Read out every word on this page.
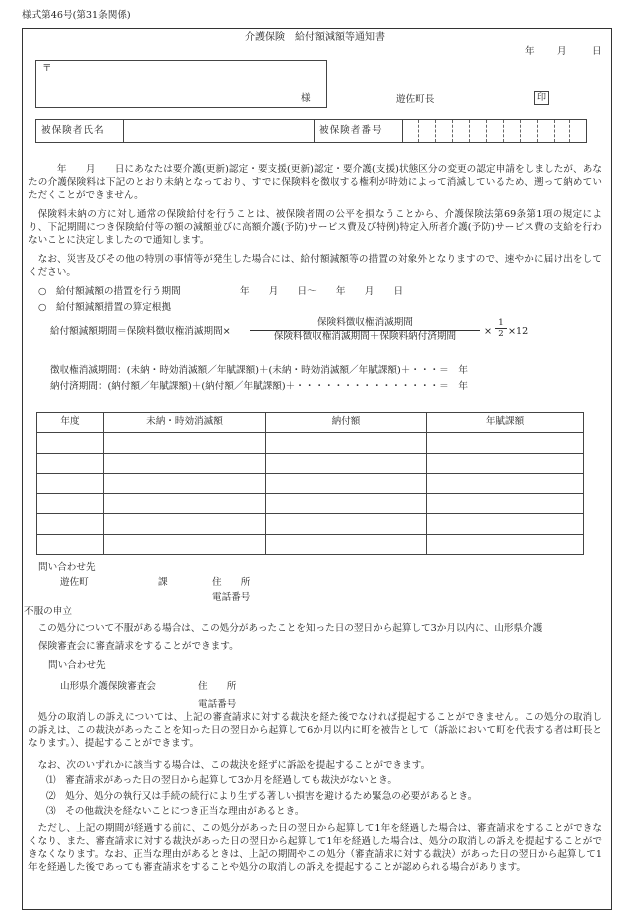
様式第46号(第31条関係)
介護保険　給付額減額等通知書
年 月	日
〒
様	遊佐町長	印
被保険者氏名	被保険者番号
　年　　月　　日にあなたは要介護(更新)認定・要支援(更新)認定・要介護(支援)状態区分の変更の認定申請をしましたが、あなたの介護保険料は下記のとおり未納となっており、すでに保険料を徴収する権利が時効によって消滅しているため、遡って納めていただくことができません。
保険料未納の方に対し通常の保険給付を行うことは、被保険者間の公平を損なうことから、介護保険法第69条第1項の規定により、下記期間につき保険給付等の額の減額並びに高額介護(予防)サービス費及び特例)特定入所者介護(予防)サービス費の支給を行わないことに決定しましたので通知します。
なお、災害及びその他の特別の事情等が発生した場合には、給付額減額等の措置の対象外となりますので、速やかに届け出をしてください。
○　給付額減額の措置を行う期間	年　　月　　日～　　年　　月　　日
○　給付額減額措置の算定根拠
給付額減額期間＝保険料徴収権消滅期間×
保険料徴収権消滅期間
保険料徴収権消滅期間＋保険料納付済期間	×
1
2 ×12
徴収権消滅期間：(未納・時効消滅額／年賦課額)＋(未納・時効消滅額／年賦課額)＋・・・＝　年
納付済期間：(納付額／年賦課額)＋(納付額／年賦課額)＋・・・・・・・・・・・・・・・＝　年
年度	未納・時効消滅額	納付額	年賦課額

問い合わせ先
遊佐町	課	住　　所
電話番号
不服の申立
この処分について不服がある場合は、この処分があったことを知った日の翌日から起算して3か月以内に、山形県介護
保険審査会に審査請求をすることができます。
問い合わせ先
山形県介護保険審査会	住　　所
電話番号
処分の取消しの訴えについては、上記の審査請求に対する裁決を経た後でなければ提起することができません。この処分の取消しの訴えは、この裁決があったことを知った日の翌日から起算して6か月以内に町を被告として（訴訟において町を代表する者は町長となります。）、提起することができます。
なお、次のいずれかに該当する場合は、この裁決を経ずに訴訟を提起することができます。
⑴　審査請求があった日の翌日から起算して3か月を経過しても裁決がないとき。
⑵　処分、処分の執行又は手続の続行により生ずる著しい損害を避けるため緊急の必要があるとき。
⑶　その他裁決を経ないことにつき正当な理由があるとき。
ただし、上記の期間が経過する前に、この処分があった日の翌日から起算して1年を経過した場合は、審査請求をすることができなくなり、また、審査請求に対する裁決があった日の翌日から起算して1年を経過した場合は、処分の取消しの訴えを提起することができなくなります。なお、正当な理由があるときは、上記の期間やこの処分（審査請求に対する裁決）があった日の翌日から起算して1年を経過した後であっても審査請求をすることや処分の取消しの訴えを提起することが認められる場合があります。
